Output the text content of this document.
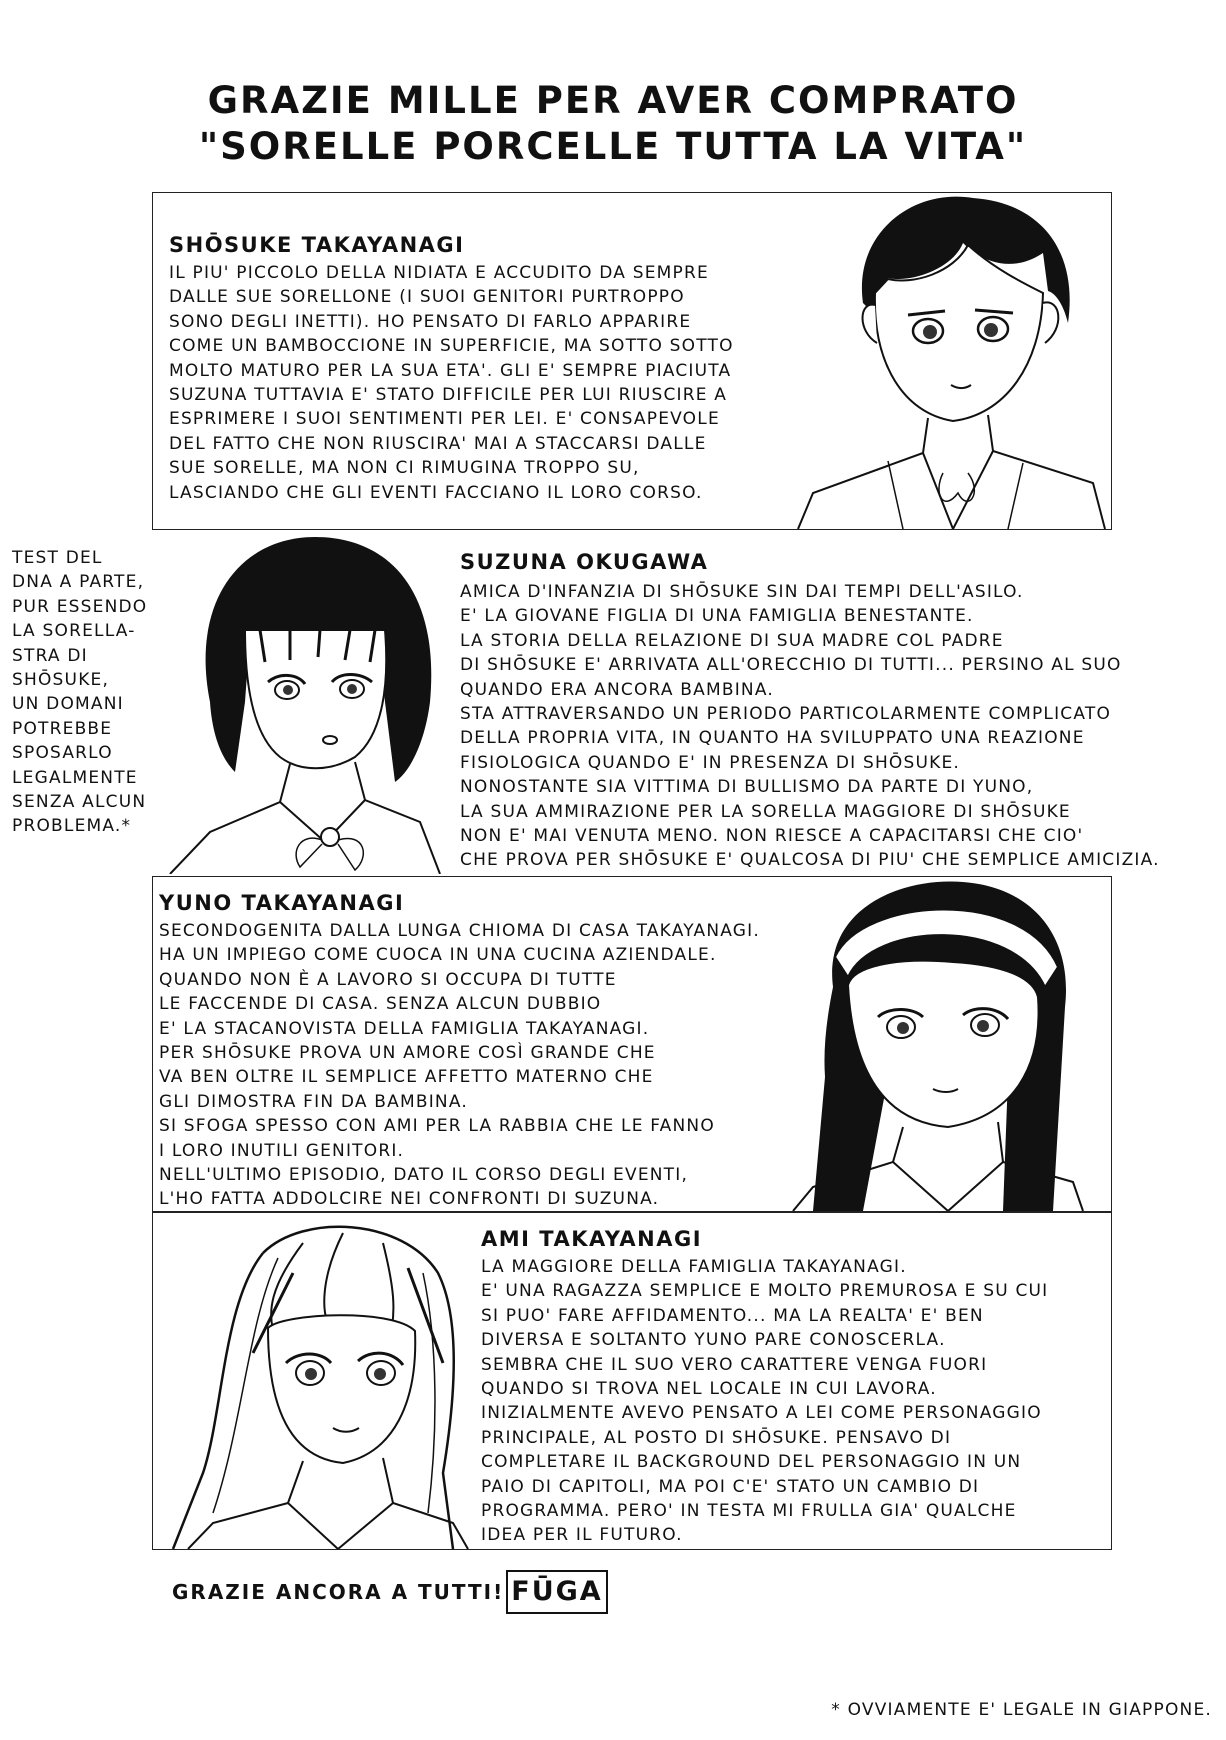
GRAZIE MILLE PER AVER COMPRATO
"SORELLE PORCELLE TUTTA LA VITA"
SHŌSUKE TAKAYANAGI
IL PIU' PICCOLO DELLA NIDIATA E ACCUDITO DA SEMPRE
DALLE SUE SORELLONE (I SUOI GENITORI PURTROPPO
SONO DEGLI INETTI). HO PENSATO DI FARLO APPARIRE
COME UN BAMBOCCIONE IN SUPERFICIE, MA SOTTO SOTTO
MOLTO MATURO PER LA SUA ETA'. GLI E' SEMPRE PIACIUTA
SUZUNA TUTTAVIA E' STATO DIFFICILE PER LUI RIUSCIRE A
ESPRIMERE I SUOI SENTIMENTI PER LEI. E' CONSAPEVOLE
DEL FATTO CHE NON RIUSCIRA' MAI A STACCARSI DALLE
SUE SORELLE, MA NON CI RIMUGINA TROPPO SU,
LASCIANDO CHE GLI EVENTI FACCIANO IL LORO CORSO.
TEST DEL
DNA A PARTE,
PUR ESSENDO
LA SORELLA-
STRA DI
SHŌSUKE,
UN DOMANI
POTREBBE
SPOSARLO
LEGALMENTE
SENZA ALCUN
PROBLEMA.*
SUZUNA OKUGAWA
AMICA D'INFANZIA DI SHŌSUKE SIN DAI TEMPI DELL'ASILO.
E' LA GIOVANE FIGLIA DI UNA FAMIGLIA BENESTANTE.
LA STORIA DELLA RELAZIONE DI SUA MADRE COL PADRE
DI SHŌSUKE E' ARRIVATA ALL'ORECCHIO DI TUTTI... PERSINO AL SUO
QUANDO ERA ANCORA BAMBINA.
STA ATTRAVERSANDO UN PERIODO PARTICOLARMENTE COMPLICATO
DELLA PROPRIA VITA, IN QUANTO HA SVILUPPATO UNA REAZIONE
FISIOLOGICA QUANDO E' IN PRESENZA DI SHŌSUKE.
NONOSTANTE SIA VITTIMA DI BULLISMO DA PARTE DI YUNO,
LA SUA AMMIRAZIONE PER LA SORELLA MAGGIORE DI SHŌSUKE
NON E' MAI VENUTA MENO. NON RIESCE A CAPACITARSI CHE CIO'
CHE PROVA PER SHŌSUKE E' QUALCOSA DI PIU' CHE SEMPLICE AMICIZIA.
YUNO TAKAYANAGI
SECONDOGENITA DALLA LUNGA CHIOMA DI CASA TAKAYANAGI.
HA UN IMPIEGO COME CUOCA IN UNA CUCINA AZIENDALE.
QUANDO NON È A LAVORO SI OCCUPA DI TUTTE
LE FACCENDE DI CASA. SENZA ALCUN DUBBIO
E' LA STACANOVISTA DELLA FAMIGLIA TAKAYANAGI.
PER SHŌSUKE PROVA UN AMORE COSÌ GRANDE CHE
VA BEN OLTRE IL SEMPLICE AFFETTO MATERNO CHE
GLI DIMOSTRA FIN DA BAMBINA.
SI SFOGA SPESSO CON AMI PER LA RABBIA CHE LE FANNO
I LORO INUTILI GENITORI.
NELL'ULTIMO EPISODIO, DATO IL CORSO DEGLI EVENTI,
L'HO FATTA ADDOLCIRE NEI CONFRONTI DI SUZUNA.
AMI TAKAYANAGI
LA MAGGIORE DELLA FAMIGLIA TAKAYANAGI.
E' UNA RAGAZZA SEMPLICE E MOLTO PREMUROSA E SU CUI
SI PUO' FARE AFFIDAMENTO... MA LA REALTA' E' BEN
DIVERSA E SOLTANTO YUNO PARE CONOSCERLA.
SEMBRA CHE IL SUO VERO CARATTERE VENGA FUORI
QUANDO SI TROVA NEL LOCALE IN CUI LAVORA.
INIZIALMENTE AVEVO PENSATO A LEI COME PERSONAGGIO
PRINCIPALE, AL POSTO DI SHŌSUKE. PENSAVO DI
COMPLETARE IL BACKGROUND DEL PERSONAGGIO IN UN
PAIO DI CAPITOLI, MA POI C'E' STATO UN CAMBIO DI
PROGRAMMA. PERO' IN TESTA MI FRULLA GIA' QUALCHE
IDEA PER IL FUTURO.
GRAZIE ANCORA A TUTTI! FŪGA
* OVVIAMENTE E' LEGALE IN GIAPPONE.
